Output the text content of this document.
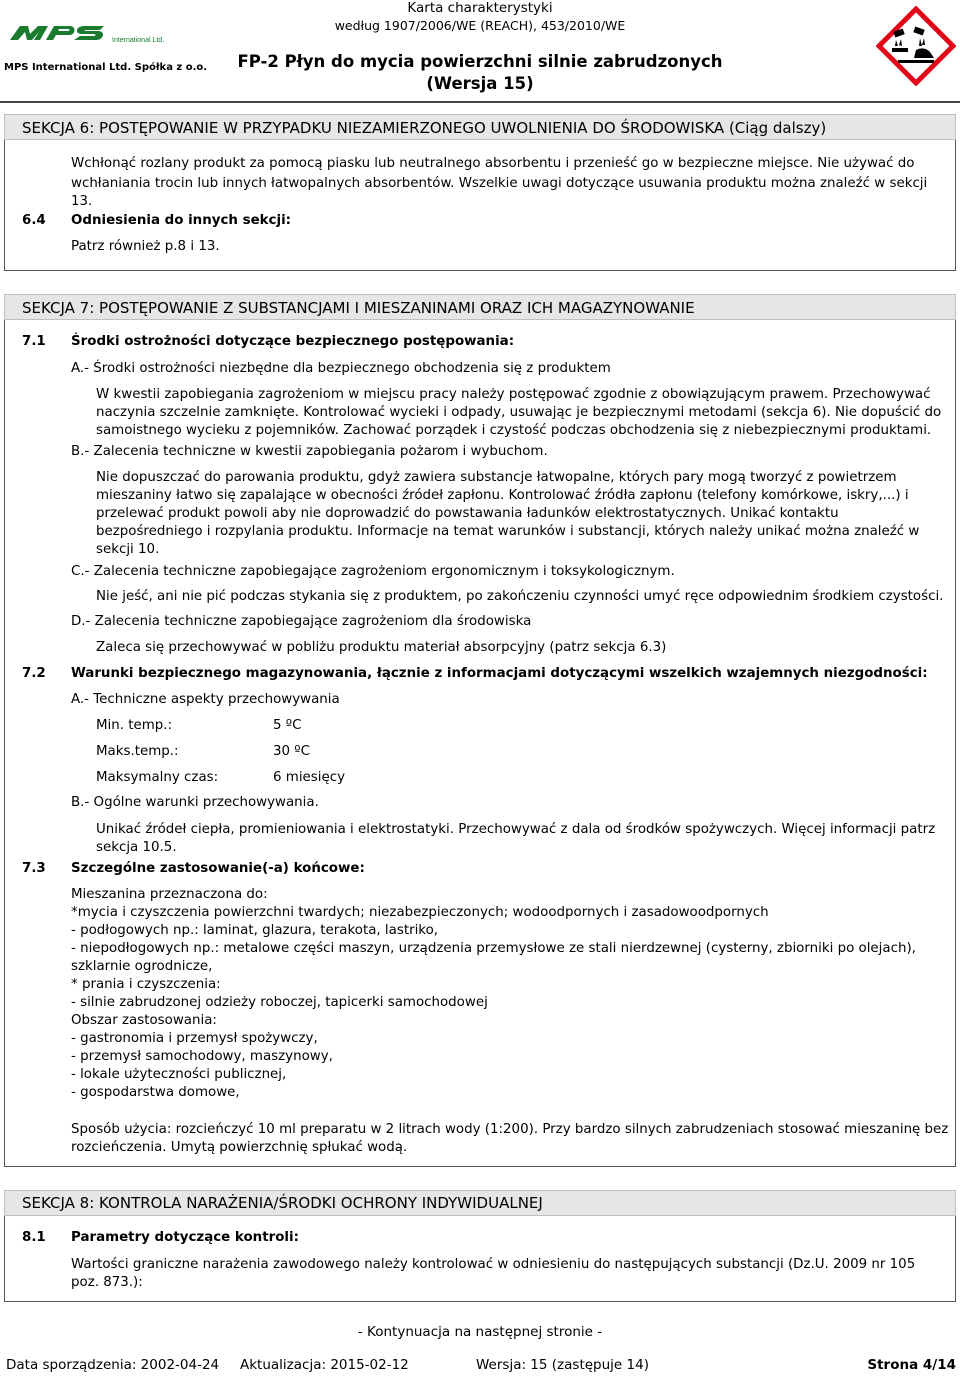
International Ltd.
MPS International Ltd. Spółka z o.o.
Karta charakterystyki
według 1907/2006/WE (REACH), 453/2010/WE
FP-2 Płyn do mycia powierzchni silnie zabrudzonych
(Wersja 15)
SEKCJA 6: POSTĘPOWANIE W PRZYPADKU NIEZAMIERZONEGO UWOLNIENIA DO ŚRODOWISKA (Ciąg dalszy)
Wchłonąć rozlany produkt za pomocą piasku lub neutralnego absorbentu i przenieść go w bezpieczne miejsce. Nie używać do
wchłaniania trocin lub innych łatwopalnych absorbentów. Wszelkie uwagi dotyczące usuwania produktu można znaleźć w sekcji
13.
6.4 Odniesienia do innych sekcji:
Patrz również p.8 i 13.
SEKCJA 7: POSTĘPOWANIE Z SUBSTANCJAMI I MIESZANINAMI ORAZ ICH MAGAZYNOWANIE
7.1 Środki ostrożności dotyczące bezpiecznego postępowania:
A.- Środki ostrożności niezbędne dla bezpiecznego obchodzenia się z produktem
W kwestii zapobiegania zagrożeniom w miejscu pracy należy postępować zgodnie z obowiązującym prawem. Przechowywać
naczynia szczelnie zamknięte. Kontrolować wycieki i odpady, usuwając je bezpiecznymi metodami (sekcja 6). Nie dopuścić do
samoistnego wycieku z pojemników. Zachować porządek i czystość podczas obchodzenia się z niebezpiecznymi produktami.
B.- Zalecenia techniczne w kwestii zapobiegania pożarom i wybuchom.
Nie dopuszczać do parowania produktu, gdyż zawiera substancje łatwopalne, których pary mogą tworzyć z powietrzem
mieszaniny łatwo się zapalające w obecności źródeł zapłonu. Kontrolować źródła zapłonu (telefony komórkowe, iskry,...) i
przelewać produkt powoli aby nie doprowadzić do powstawania ładunków elektrostatycznych. Unikać kontaktu
bezpośredniego i rozpylania produktu. Informacje na temat warunków i substancji, których należy unikać można znaleźć w
sekcji 10.
C.- Zalecenia techniczne zapobiegające zagrożeniom ergonomicznym i toksykologicznym.
Nie jeść, ani nie pić podczas stykania się z produktem, po zakończeniu czynności umyć ręce odpowiednim środkiem czystości.
D.- Zalecenia techniczne zapobiegające zagrożeniom dla środowiska
Zaleca się przechowywać w pobliżu produktu materiał absorpcyjny (patrz sekcja 6.3)
7.2 Warunki bezpiecznego magazynowania, łącznie z informacjami dotyczącymi wszelkich wzajemnych niezgodności:
A.- Techniczne aspekty przechowywania
Min. temp.:	5 ºC
Maks.temp.:	30 ºC
Maksymalny czas:	6 miesięcy
B.- Ogólne warunki przechowywania.
Unikać źródeł ciepła, promieniowania i elektrostatyki. Przechowywać z dala od środków spożywczych. Więcej informacji patrz
sekcja 10.5.
7.3 Szczególne zastosowanie(-a) końcowe:
Mieszanina przeznaczona do:
*mycia i czyszczenia powierzchni twardych; niezabezpieczonych; wodoodpornych i zasadowoodpornych
- podłogowych np.: laminat, glazura, terakota, lastriko,
- niepodłogowych np.: metalowe części maszyn, urządzenia przemysłowe ze stali nierdzewnej (cysterny, zbiorniki po olejach),
szklarnie ogrodnicze,
* prania i czyszczenia:
- silnie zabrudzonej odzieży roboczej, tapicerki samochodowej
Obszar zastosowania:
- gastronomia i przemysł spożywczy,
- przemysł samochodowy, maszynowy,
- lokale użyteczności publicznej,
- gospodarstwa domowe,
Sposób użycia: rozcieńczyć 10 ml preparatu w 2 litrach wody (1:200). Przy bardzo silnych zabrudzeniach stosować mieszaninę bez
rozcieńczenia. Umytą powierzchnię spłukać wodą.
SEKCJA 8: KONTROLA NARAŻENIA/ŚRODKI OCHRONY INDYWIDUALNEJ
8.1 Parametry dotyczące kontroli:
Wartości graniczne narażenia zawodowego należy kontrolować w odniesieniu do następujących substancji (Dz.U. 2009 nr 105
poz. 873.):
- Kontynuacja na następnej stronie -
Data sporządzenia: 2002-04-24 Aktualizacja: 2015-02-12	Wersja: 15 (zastępuje 14)	Strona 4/14
